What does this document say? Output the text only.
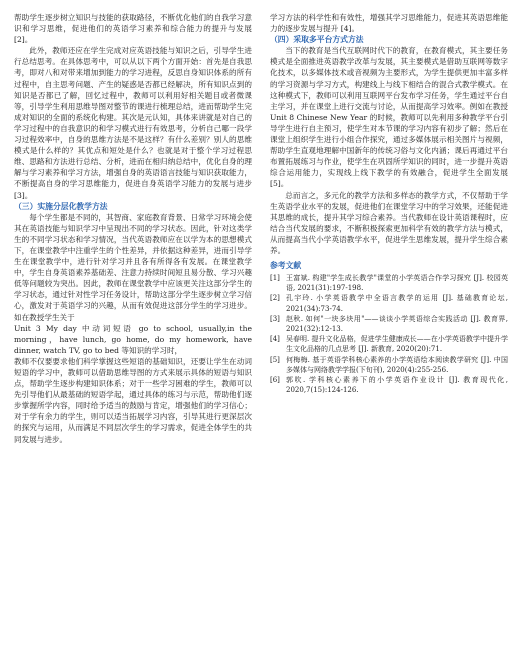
帮助学生逐步树立知识与技能的获取路径，不断优化他们的自我学习意识和学习思维，促进他们的英语学习素养和综合能力的提升与发展 [2]。

此外，教师还应在学生完成对应英语技能与知识之后，引导学生进行总结思考。在具体思考中，可以从以下两个方面开始：首先是自我思考，即对八和对带来增加到能力的学习进程，反思自身知识体系的所有过程中，自主思考问题、产生的疑惑是否都已经解决，所有知识点到的知识是否都已了解，回忆过程中，教师可以利用好相关题目或者微课等，引导学生利用思维导图对整节的课进行梳理总结，进而帮助学生完成对知识的全面的系统化构建。其次是元认知，具体来讲就是对自己的学习过程中的自我意识的和学习模式进行有效思考，分析自己哪一段学习过程效率中，自身的思维方法是不是这样？有什么差别？别人的思维模式是什么样的？其优点和短处是什么？也就是对于整个学习过程思维、思路和方法进行总结、分析，进而在相归纳总结中，优化自身的理解与学习素养和学习方法，增强自身的英语语言技能与知识获取能力，不断提高自身的学习思维能力，促进自身英语学习能力的发展与进步 [3]。

（三）实施分层化教学方法

每个学生都是不同的，其智商、家庭教育背景、日常学习环境会使其在英语技能与知识学习中呈现出不同的学习状态。因此，针对这类学生的不同学习状态和学习情况，当代英语教师应在以学为本的思想模式下，在课堂教学中注重学生的个性差异，并依据这种差异，进而引导学生在课堂教学中，进行针对学习并且各有所得各有发展。在课堂教学中，学生自身英语素养基础差、注意力持续时间短且易分散、学习兴趣低等问题较为突出。因此，教师在课堂教学中应该更关注这部分学生的学习状态，通过针对性学习任务设计，帮助这部分学生逐步树立学习信心，激发对于英语学习的兴趣，从而有效促进这部分学生的学习进步。如在教授学生关于

Unit 3 My day 中动词短语 go to school, usually,in the morning，have lunch, go home, do my homework, have dinner, watch TV, go to bed 等知识的学习时，

教师不仅要要求他们科学掌握这些短语的基础知识，还要让学生在动词短语的学习中，教师可以借助思维导图的方式来展示具体的短语与知识点，帮助学生逐步构建知识体系；对于一些学习困难的学生，教师可以先引导他们从最基础的短语学起，通过具体的练习与示范，帮助他们逐步掌握所学内容，同时给予适当的鼓励与肯定，增强他们的学习信心；对于学有余力的学生，则可以适当拓展学习内容，引导其进行更深层次的探究与运用，从而满足不同层次学生的学习需求，促进全体学生的共同发展与进步。

学习方法的科学性和有效性，增强其学习思维能力，促进其英语思维能力的逐步发展与提升 [4]。

（四）采取多平台方式方法

当下的教育是当代互联网时代下的教育，在教育模式，其主要任务模式是全面推进英语教学改革与发展，其主要模式是借助互联网等数字化技术，以多媒体技术或音视频为主要形式，为学生提供更加丰富多样的学习资源与学习方式，构建线上与线下相结合的混合式教学模式。在这种模式下，教师可以利用互联网平台发布学习任务，学生通过平台自主学习，并在课堂上进行交流与讨论，从而提高学习效率。例如在教授 Unit 8 Chinese New Year 的时候，教师可以先利用多种教学平台引导学生进行自主预习，使学生对本节课的学习内容有初步了解；然后在课堂上组织学生进行小组合作探究，通过多媒体展示相关图片与视频，帮助学生直观地理解中国新年的传统习俗与文化内涵；课后再通过平台布置拓展练习与作业，使学生在巩固所学知识的同时，进一步提升英语综合运用能力，实现线上线下教学的有效融合，促进学生全面发展 [5]。

总而言之，多元化的教学方法和多样态的教学方式，不仅帮助于学生英语学业水平的发展，促进他们在课堂学习中的学习效果，还能促进其思维的成长，提升其学习综合素养。当代教师在设计英语课程时，应结合当代发展的要求，不断积极探索更加科学有效的教学方法与模式，从而提高当代小学英语教学水平，促进学生思维发展，提升学生综合素养。

参考文献
[1] 王富斌. 构建"学生成长教学"课堂的小学英语合作学习探究 [J]. 校园英语, 2021(31):197-198.
[2] 孔宇玲. 小学英语教学中全语言教学的运用 [J]. 基础教育论坛, 2021(34):73-74.
[3] 赵秋. 如何"一块多块用"——谈谈小学英语综合实践活动 [J]. 教育界, 2021(32):12-13.
[4] 吴春明. 提升文化品格，促进学生健康成长——在小学英语教学中提升学生文化品格的几点思考 [J]. 新教育, 2020(20):71.
[5] 何梅梅. 基于英语学科核心素养的小学英语绘本阅读教学研究 [J]. 中国多媒体与网络教学学报(下旬刊), 2020(4):255-256.
[6] 郭吹. 学科核心素养下的小学英语作业设计 [J]. 教育现代化, 2020,7(15):124-126.
